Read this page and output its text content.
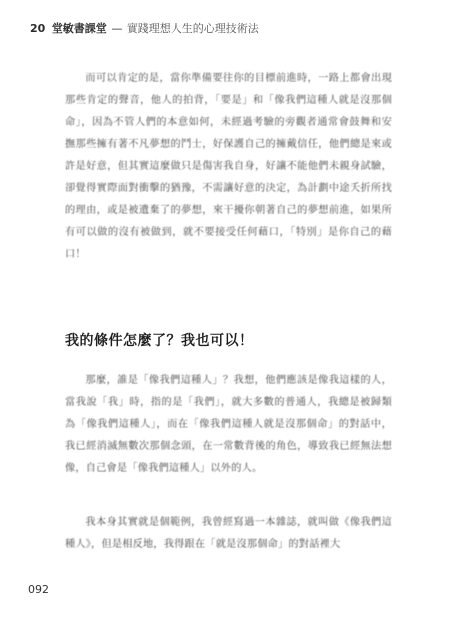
20 堂敏書課堂 — 實踐理想人生的心理技術法

而可以肯定的是，當你準備要往你的目標前進時，一路上都會出現那些肯定的聲音，他人的拍背，「要是」和「像我們這種人就是沒那個命」，因為不管人們的本意如何，未經過考驗的旁觀者通常會鼓舞和安撫那些擁有著不凡夢想的鬥士，好保護自己的擁戴信任，他們總是來或許是好意，但其實這麼做只是傷害我自身，好讓不能他們未親身試驗，卻覺得實際面對衝擊的猶豫，不需讓好意的決定，為計劃中途夭折所找的理由，或是被遺棄了的夢想，來干擾你朝著自己的夢想前進，如果所有可以做的沒有被做到，就不要接受任何藉口，「特別」是你自己的藉口！

我的條件怎麼了？我也可以！

那麼，誰是「像我們這種人」？我想，他們應該是像我這樣的人，當我說「我」時，指的是「我們」，就大多數的普通人，我總是被歸類為「像我們這種人」，而在「像我們這種人就是沒那個命」的對話中，我已經消滅無數次那個念頭，在一常數背後的角色，導致我已經無法想像，自己會是「像我們這種人」以外的人。

我本身其實就是個範例，我曾經寫過一本雜誌，就叫做《像我們這種人》，但是相反地，我得跟在「就是沒那個命」的對話裡大

092
